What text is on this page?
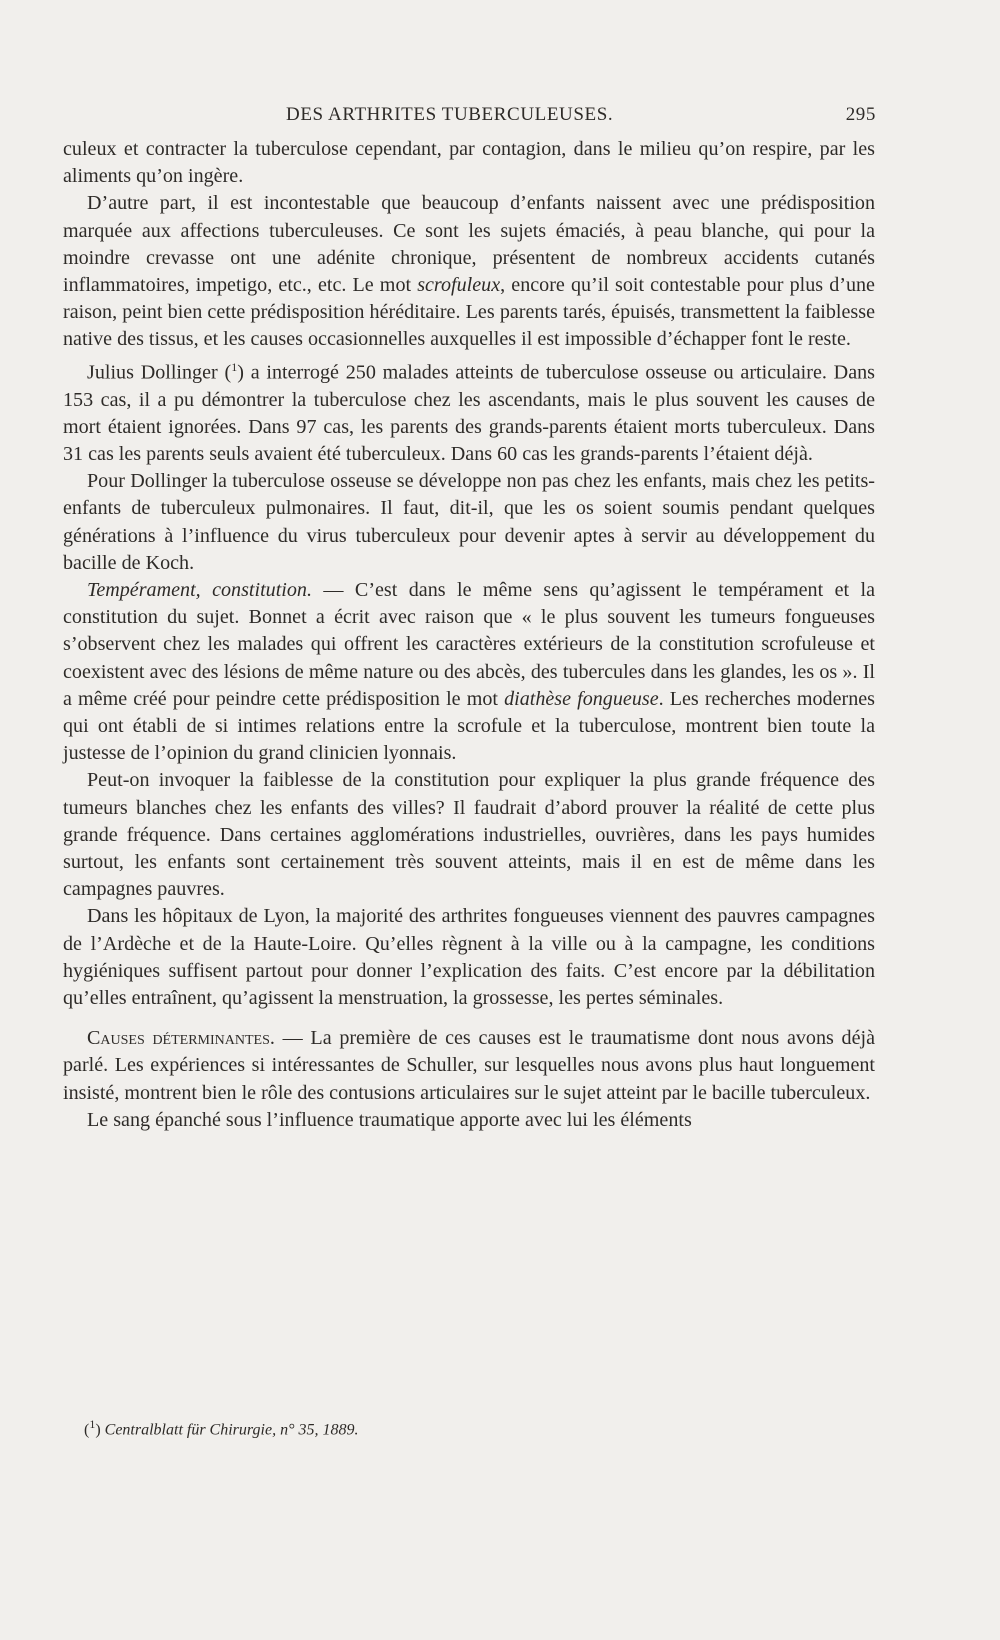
DES ARTHRITES TUBERCULEUSES.	295

culeux et contracter la tuberculose cependant, par contagion, dans le milieu qu’on respire, par les aliments qu’on ingère.

D’autre part, il est incontestable que beaucoup d’enfants naissent avec une prédisposition marquée aux affections tuberculeuses. Ce sont les sujets émaciés, à peau blanche, qui pour la moindre crevasse ont une adénite chronique, présentent de nombreux accidents cutanés inflammatoires, impetigo, etc., etc. Le mot scrofuleux, encore qu’il soit contestable pour plus d’une raison, peint bien cette prédisposition héréditaire. Les parents tarés, épuisés, transmettent la faiblesse native des tissus, et les causes occasionnelles auxquelles il est impossible d’échapper font le reste.

Julius Dollinger ($^1$) a interrogé 250 malades atteints de tuberculose osseuse ou articulaire. Dans 153 cas, il a pu démontrer la tuberculose chez les ascendants, mais le plus souvent les causes de mort étaient ignorées. Dans 97 cas, les parents des grands-parents étaient morts tuberculeux. Dans 31 cas les parents seuls avaient été tuberculeux. Dans 60 cas les grands-parents l’étaient déjà.

Pour Dollinger la tuberculose osseuse se développe non pas chez les enfants, mais chez les petits-enfants de tuberculeux pulmonaires. Il faut, dit-il, que les os soient soumis pendant quelques générations à l’influence du virus tuberculeux pour devenir aptes à servir au développement du bacille de Koch.

Tempérament, constitution. — C’est dans le même sens qu’agissent le tempérament et la constitution du sujet. Bonnet a écrit avec raison que « le plus souvent les tumeurs fongueuses s’observent chez les malades qui offrent les caractères extérieurs de la constitution scrofuleuse et coexistent avec des lésions de même nature ou des abcès, des tubercules dans les glandes, les os ». Il a même créé pour peindre cette prédisposition le mot diathèse fongueuse. Les recherches modernes qui ont établi de si intimes relations entre la scrofule et la tuberculose, montrent bien toute la justesse de l’opinion du grand clinicien lyonnais.

Peut-on invoquer la faiblesse de la constitution pour expliquer la plus grande fréquence des tumeurs blanches chez les enfants des villes? Il faudrait d’abord prouver la réalité de cette plus grande fréquence. Dans certaines agglomérations industrielles, ouvrières, dans les pays humides surtout, les enfants sont certainement très souvent atteints, mais il en est de même dans les campagnes pauvres.

Dans les hôpitaux de Lyon, la majorité des arthrites fongueuses viennent des pauvres campagnes de l’Ardèche et de la Haute-Loire. Qu’elles règnent à la ville ou à la campagne, les conditions hygiéniques suffisent partout pour donner l’explication des faits. C’est encore par la débilitation qu’elles entraînent, qu’agissent la menstruation, la grossesse, les pertes séminales.

Causes déterminantes. — La première de ces causes est le traumatisme dont nous avons déjà parlé. Les expériences si intéressantes de Schuller, sur lesquelles nous avons plus haut longuement insisté, montrent bien le rôle des contusions articulaires sur le sujet atteint par le bacille tuberculeux.

Le sang épanché sous l’influence traumatique apporte avec lui les éléments

($^1$) Centralblatt für Chirurgie, n° 35, 1889.
